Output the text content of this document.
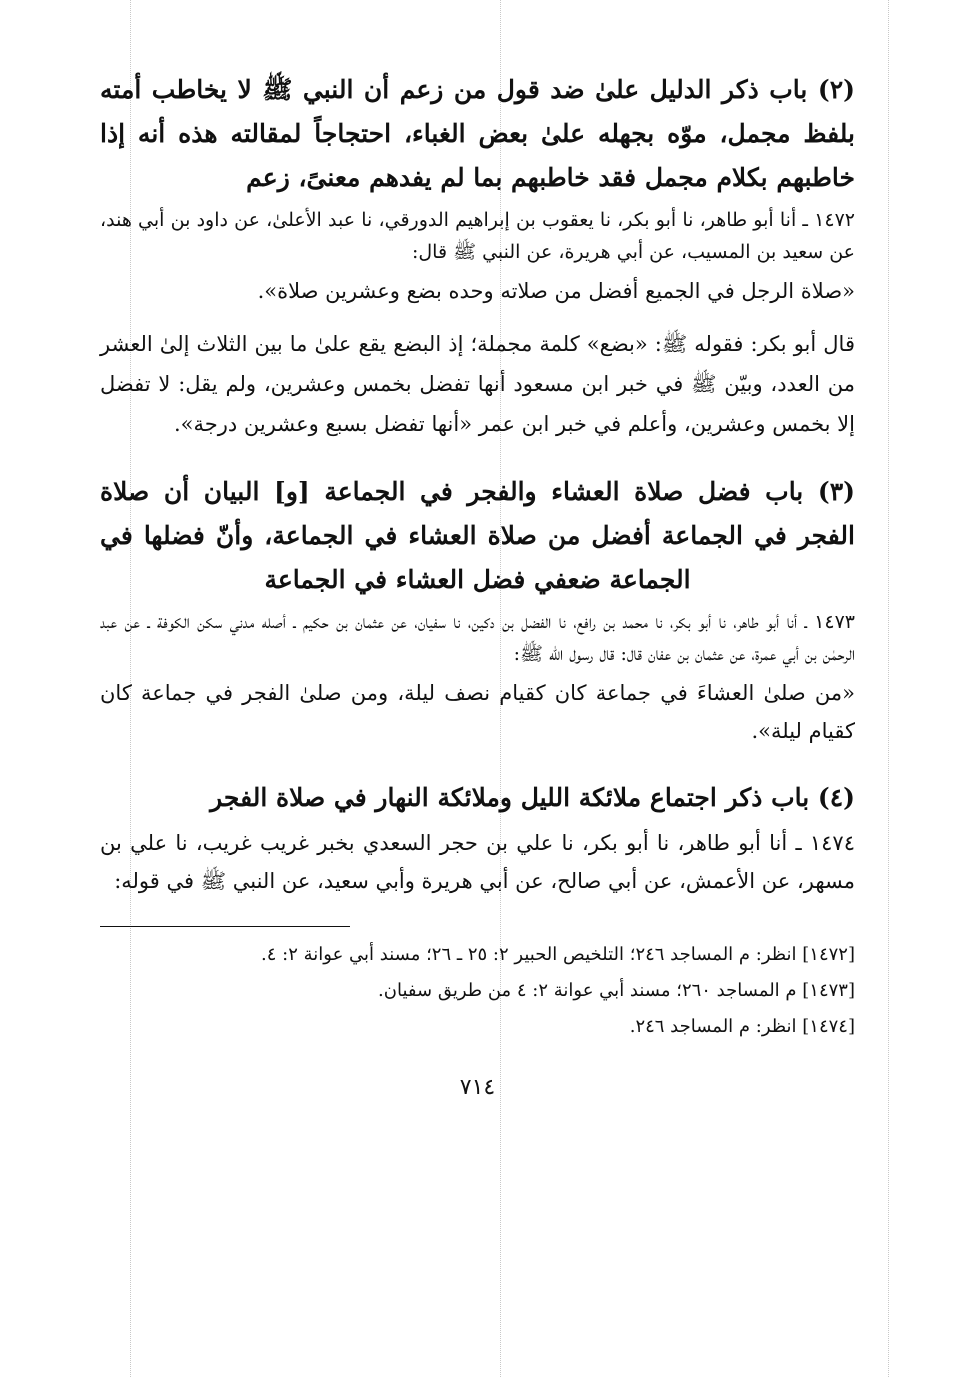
(٢) باب ذكر الدليل علىٰ ضد قول من زعم أن النبي ﷺ لا يخاطب أمته بلفظ مجمل، موّه بجهله علىٰ بعض الغباء، احتجاجاً لمقالته هذه أنه إذا خاطبهم بكلام مجمل فقد خاطبهم بما لم يفدهم معنىً، زعم

١٤٧٢ ـ أنا أبو طاهر، نا أبو بكر، نا يعقوب بن إبراهيم الدورقي، نا عبد الأعلىٰ، عن داود بن أبي هند، عن سعيد بن المسيب، عن أبي هريرة، عن النبي ﷺ قال:

«صلاة الرجل في الجميع أفضل من صلاته وحده بضع وعشرين صلاة».

قال أبو بكر: فقوله ﷺ: «بضع» كلمة مجملة؛ إذ البضع يقع علىٰ ما بين الثلاث إلىٰ العشر من العدد، وبيّن ﷺ في خبر ابن مسعود أنها تفضل بخمس وعشرين، ولم يقل: لا تفضل إلا بخمس وعشرين، وأعلم في خبر ابن عمر «أنها تفضل بسبع وعشرين درجة».

(٣) باب فضل صلاة العشاء والفجر في الجماعة [و] البيان أن صلاة الفجر في الجماعة أفضل من صلاة العشاء في الجماعة، وأنّ فضلها في الجماعة ضعفي فضل العشاء في الجماعة

١٤٧٣ ـ أنا أبو طاهر، نا أبو بكر، نا محمد بن رافع، نا الفضل بن دكين، نا سفيان، عن عثمان بن حكيم ـ أصله مدني سكن الكوفة ـ عن عبد الرحمٰن بن أبي عمرة، عن عثمان بن عفان قال: قال رسول الله ﷺ:

«من صلىٰ العشاءَ في جماعة كان كقيام نصف ليلة، ومن صلىٰ الفجر في جماعة كان كقيام ليلة».

(٤) باب ذكر اجتماع ملائكة الليل وملائكة النهار في صلاة الفجر

١٤٧٤ ـ أنا أبو طاهر، نا أبو بكر، نا علي بن حجر السعدي بخبر غريب غريب، نا علي بن مسهر، عن الأعمش، عن أبي صالح، عن أبي هريرة وأبي سعيد، عن النبي ﷺ في قوله:

[١٤٧٢] انظر: م المساجد ٢٤٦؛ التلخيص الحبير ٢: ٢٥ ـ ٢٦؛ مسند أبي عوانة ٢: ٤.

[١٤٧٣] م المساجد ٢٦٠؛ مسند أبي عوانة ٢: ٤ من طريق سفيان.

[١٤٧٤] انظر: م المساجد ٢٤٦.

٧١٤
